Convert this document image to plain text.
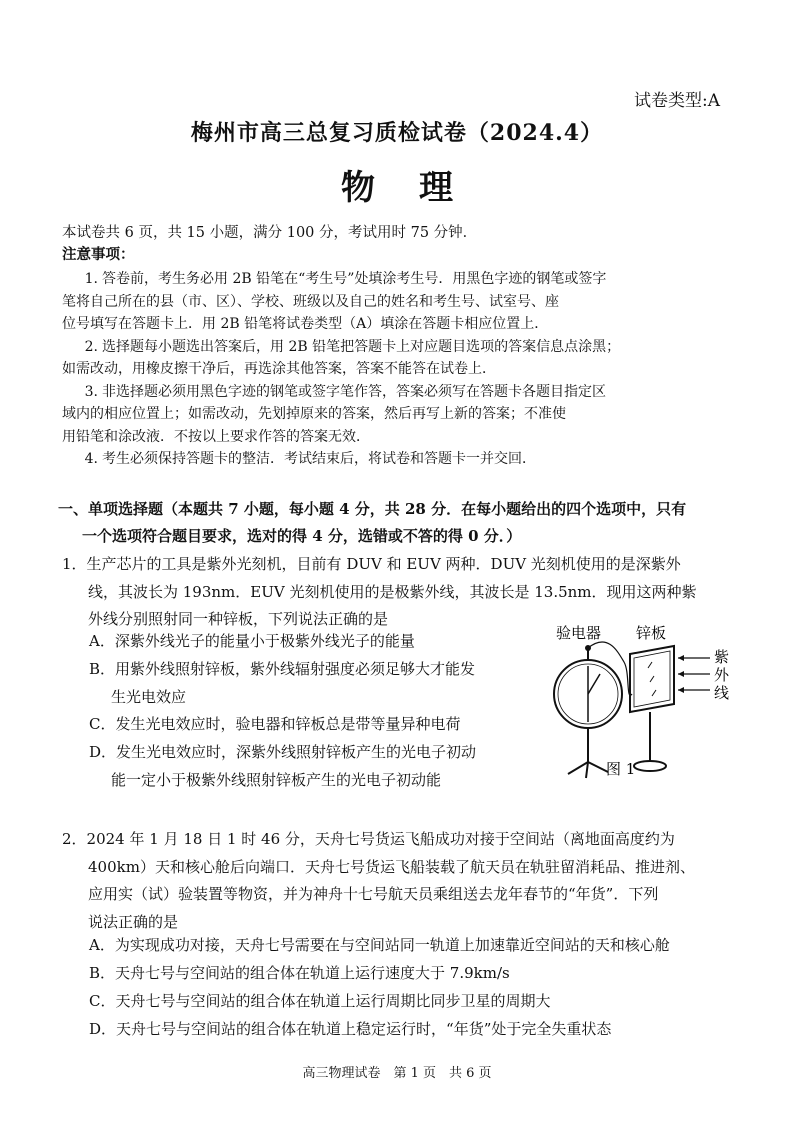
试卷类型:A
梅州市高三总复习质检试卷（2024.4）
物理
本试卷共 6 页，共 15 小题，满分 100 分，考试用时 75 分钟．
注意事项：

1. 答卷前，考生务必用 2B 铅笔在“考生号”处填涂考生号．用黑色字迹的钢笔或签字

笔将自己所在的县（市、区）、学校、班级以及自己的姓名和考生号、试室号、座

位号填写在答题卡上．用 2B 铅笔将试卷类型（A）填涂在答题卡相应位置上．

2. 选择题每小题选出答案后，用 2B 铅笔把答题卡上对应题目选项的答案信息点涂黑；

如需改动，用橡皮擦干净后，再选涂其他答案，答案不能答在试卷上．

3. 非选择题必须用黑色字迹的钢笔或签字笔作答，答案必须写在答题卡各题目指定区

域内的相应位置上；如需改动，先划掉原来的答案，然后再写上新的答案；不准使

用铅笔和涂改液．不按以上要求作答的答案无效．

4. 考生必须保持答题卡的整洁．考试结束后，将试卷和答题卡一并交回．

一、单项选择题（本题共 7 小题，每小题 4 分，共 28 分．在每小题给出的四个选项中，只有
一个选项符合题目要求，选对的得 4 分，选错或不答的得 0 分．）
1．生产芯片的工具是紫外光刻机，目前有 DUV 和 EUV 两种．DUV 光刻机使用的是深紫外
线，其波长为 193nm．EUV 光刻机使用的是极紫外线，其波长是 13.5nm．现用这两种紫
外线分别照射同一种锌板，下列说法正确的是
A．深紫外线光子的能量小于极紫外线光子的能量
B．用紫外线照射锌板，紫外线辐射强度必须足够大才能发
生光电效应
C．发生光电效应时，验电器和锌板总是带等量异种电荷
D．发生光电效应时，深紫外线照射锌板产生的光电子初动
能一定小于极紫外线照射锌板产生的光电子初动能
验电器 锌板
紫
外
线
图 1
2．2024 年 1 月 18 日 1 时 46 分，天舟七号货运飞船成功对接于空间站（离地面高度约为
400km）天和核心舱后向端口．天舟七号货运飞船装载了航天员在轨驻留消耗品、推进剂、
应用实（试）验装置等物资，并为神舟十七号航天员乘组送去龙年春节的“年货”．下列
说法正确的是
A．为实现成功对接，天舟七号需要在与空间站同一轨道上加速靠近空间站的天和核心舱
B．天舟七号与空间站的组合体在轨道上运行速度大于 7.9km/s
C．天舟七号与空间站的组合体在轨道上运行周期比同步卫星的周期大
D．天舟七号与空间站的组合体在轨道上稳定运行时，“年货”处于完全失重状态
高三物理试卷　第 1 页　共 6 页
